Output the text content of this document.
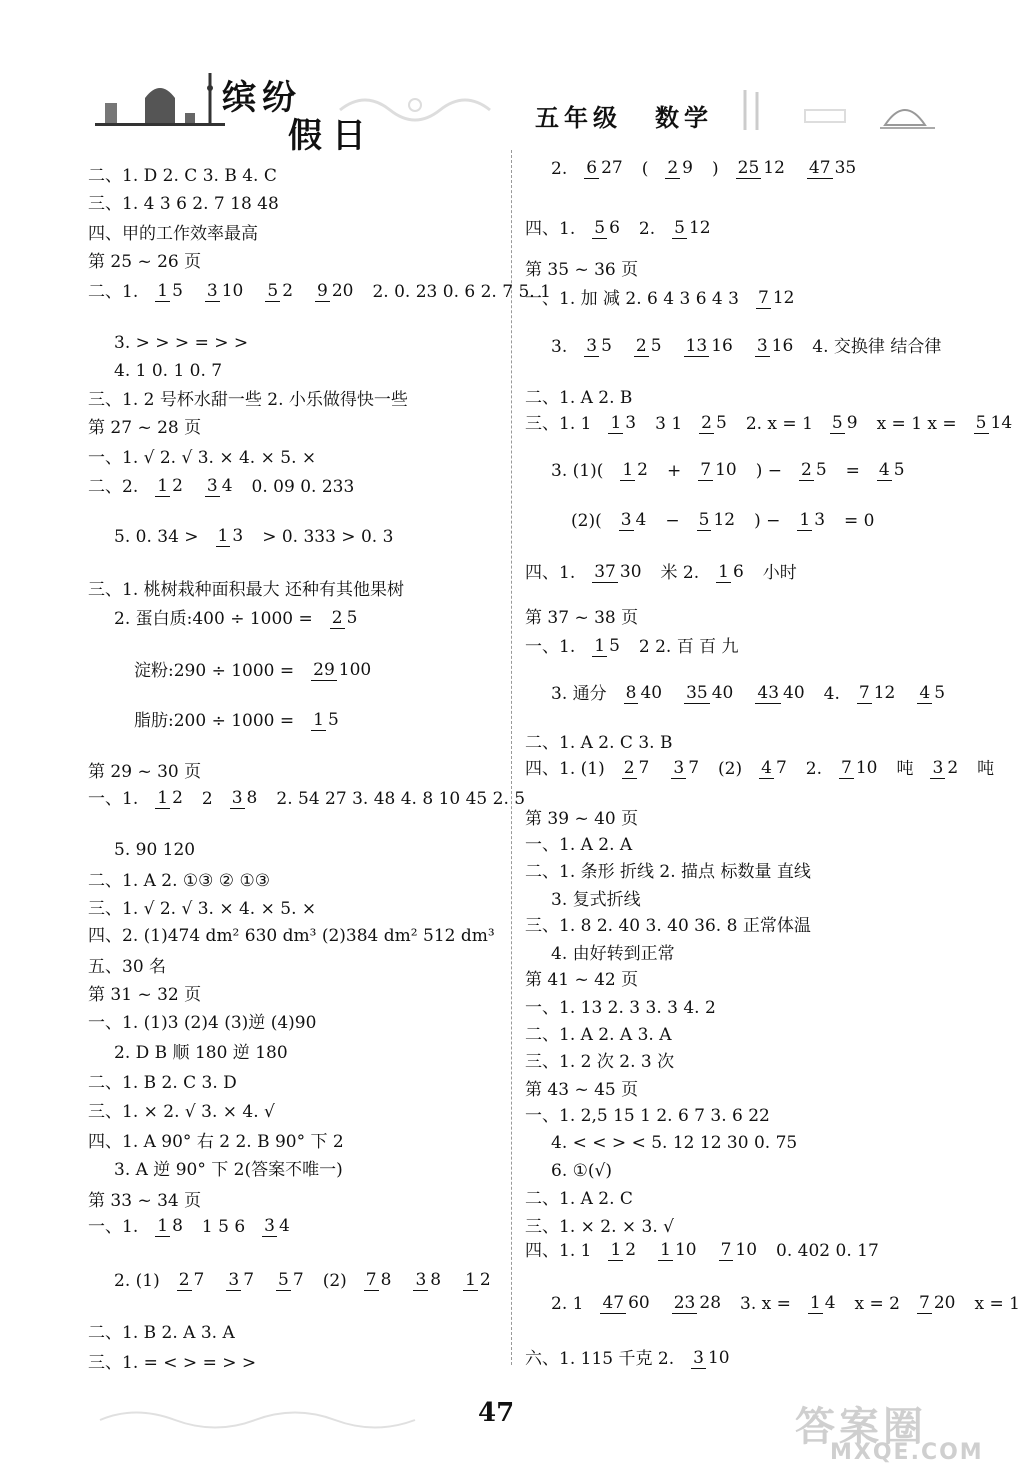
缤纷
假日	五年级 数学
二、1. D 2. C 3. B 4. C
三、1. 4 3 6 2. 7 18 48
四、甲的工作效率最高
第 25 ~ 26 页
二、1. 1 5 3 10 5 2 9 20 2. 0. 23 0. 6 2. 7 5. 1
3. > > > = > >
4. 1 0. 1 0. 7
三、1. 2 号杯水甜一些 2. 小乐做得快一些
第 27 ~ 28 页
一、1. √ 2. √ 3. × 4. × 5. ×
二、2. 1 2 3 4 0. 09 0. 233
5. 0. 34 > 1 3 > 0. 333 > 0. 3
三、1. 桃树栽种面积最大 还种有其他果树
2. 蛋白质:400 ÷ 1000 = 2 5
淀粉:290 ÷ 1000 = 29 100
脂肪:200 ÷ 1000 = 1 5
第 29 ~ 30 页
一、1. 1 2 2 3 8 2. 54 27 3. 48 4. 8 10 45 2. 5
5. 90 120
二、1. A 2. ①③ ② ①③
三、1. √ 2. √ 3. × 4. × 5. ×
四、2. (1)474 dm² 630 dm³ (2)384 dm² 512 dm³
五、30 名
第 31 ~ 32 页
一、1. (1)3 (2)4 (3)逆 (4)90
2. D B 顺 180 逆 180
二、1. B 2. C 3. D
三、1. × 2. √ 3. × 4. √
四、1. A 90° 右 2 2. B 90° 下 2
3. A 逆 90° 下 2(答案不唯一)
第 33 ~ 34 页
一、1. 1 8 1 5 6 3 4
2. (1) 2 7 3 7 5 7 (2) 7 8 3 8 1 2
二、1. B 2. A 3. A
三、1. = < > = > >
2. 6 27 ( 2 9 ) 25 12 47 35
四、1. 5 6 2. 5 12
第 35 ~ 36 页
一、1. 加 减 2. 6 4 3 6 4 3 7 12
3. 3 5 2 5 13 16 3 16 4. 交换律 结合律
二、1. A 2. B
三、1. 1 1 3 3 1 2 5 2. x = 1 5 9 x = 1 x = 5 14
3. (1)( 1 2 + 7 10 ) − 2 5 = 4 5
(2)( 3 4 − 5 12 ) − 1 3 = 0
四、1. 37 30 米 2. 1 6 小时
第 37 ~ 38 页
一、1. 1 5 2 2. 百 百 九
3. 通分 8 40 35 40 43 40 4. 7 12 4 5
二、1. A 2. C 3. B
四、1. (1) 2 7 3 7 (2) 4 7 2. 7 10 吨 3 2 吨
第 39 ~ 40 页
一、1. A 2. A
二、1. 条形 折线 2. 描点 标数量 直线
3. 复式折线
三、1. 8 2. 40 3. 40 36. 8 正常体温
4. 由好转到正常
第 41 ~ 42 页
一、1. 13 2. 3 3. 3 4. 2
二、1. A 2. A 3. A
三、1. 2 次 2. 3 次
第 43 ~ 45 页
一、1. 2,5 15 1 2. 6 7 3. 6 22
4. < < > < 5. 12 12 30 0. 75
6. ①(√)
二、1. A 2. C
三、1. × 2. × 3. √
四、1. 1 1 2 1 10 7 10 0. 402 0. 17
2. 1 47 60 23 28 3. x = 1 4 x = 2 7 20 x = 1
六、1. 115 千克 2. 3 10
47	答案圈
MXQE.COM
